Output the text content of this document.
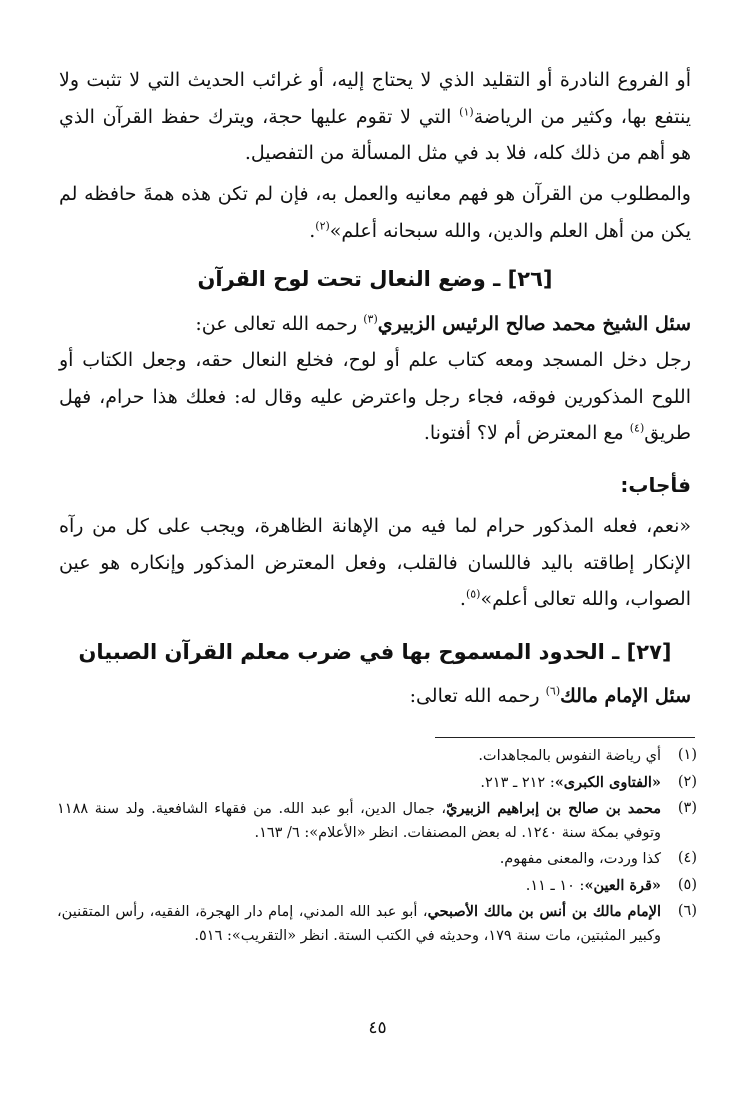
أو الفروع النادرة أو التقليد الذي لا يحتاج إليه، أو غرائب الحديث التي لا تثبت ولا ينتفع بها، وكثير من الرياضة$^{(١)}$ التي لا تقوم عليها حجة، ويترك حفظ القرآن الذي هو أهم من ذلك كله، فلا بد في مثل المسألة من التفصيل.

والمطلوب من القرآن هو فهم معانيه والعمل به، فإن لم تكن هذه همةَ حافظه لم يكن من أهل العلم والدين، والله سبحانه أعلم»$^{(٢)}$.

[٢٦] ـ وضع النعال تحت لوح القرآن

سئل الشيخ محمد صالح الرئيس الزبيري$^{(٣)}$ رحمه الله تعالى عن:

رجل دخل المسجد ومعه كتاب علم أو لوح، فخلع النعال حقه، وجعل الكتاب أو اللوح المذكورين فوقه، فجاء رجل واعترض عليه وقال له: فعلك هذا حرام، فهل طريق$^{(٤)}$ مع المعترض أم لا؟ أفتونا.

فأجاب:

«نعم، فعله المذكور حرام لما فيه من الإهانة الظاهرة، ويجب على كل من رآه الإنكار إطاقته باليد فاللسان فالقلب، وفعل المعترض المذكور وإنكاره هو عين الصواب، والله تعالى أعلم»$^{(٥)}$.

[٢٧] ـ الحدود المسموح بها في ضرب معلم القرآن الصبيان

سئل الإمام مالك$^{(٦)}$ رحمه الله تعالى:

(١)
أي رياضة النفوس بالمجاهدات.
(٢)
«الفتاوى الكبرى»: ٢١٢ ـ ٢١٣.
(٣)
محمد بن صالح بن إبراهيم الزبيريّ، جمال الدين، أبو عبد الله. من فقهاء الشافعية. ولد سنة ١١٨٨ وتوفي بمكة سنة ١٢٤٠. له بعض المصنفات. انظر «الأعلام»: ٦/ ١٦٣.
(٤)
كذا وردت، والمعنى مفهوم.
(٥)
«قرة العين»: ١٠ ـ ١١.
(٦)
الإمام مالك بن أنس بن مالك الأصبحي، أبو عبد الله المدني، إمام دار الهجرة، الفقيه، رأس المتقنين، وكبير المثبتين، مات سنة ١٧٩، وحديثه في الكتب الستة. انظر «التقريب»: ٥١٦.
٤٥
